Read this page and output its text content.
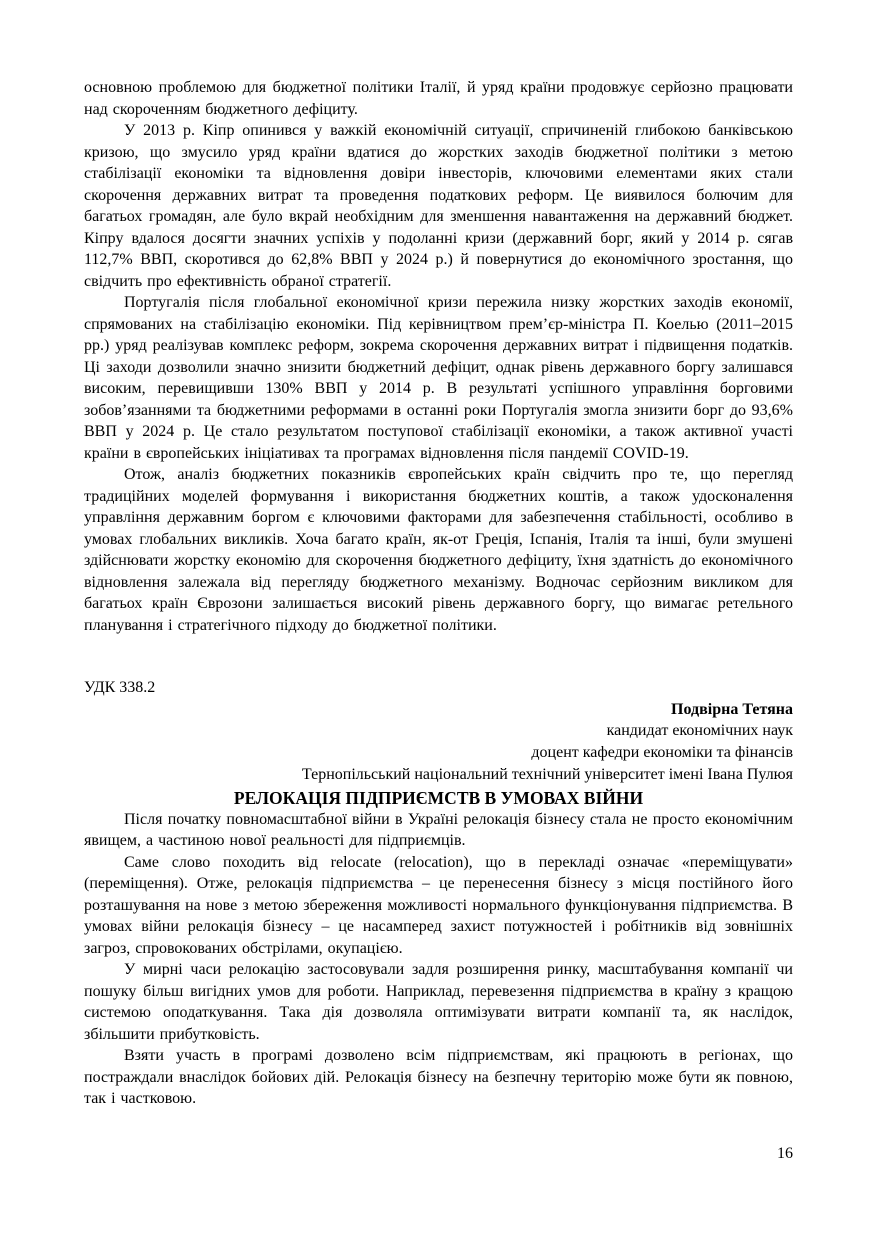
основною проблемою для бюджетної політики Італії, й уряд країни продовжує серйозно працювати над скороченням бюджетного дефіциту.

У 2013 р. Кіпр опинився у важкій економічній ситуації, спричиненій глибокою банківською кризою, що змусило уряд країни вдатися до жорстких заходів бюджетної політики з метою стабілізації економіки та відновлення довіри інвесторів, ключовими елементами яких стали скорочення державних витрат та проведення податкових реформ. Це виявилося болючим для багатьох громадян, але було вкрай необхідним для зменшення навантаження на державний бюджет. Кіпру вдалося досягти значних успіхів у подоланні кризи (державний борг, який у 2014 р. сягав 112,7% ВВП, скоротився до 62,8% ВВП у 2024 р.) й повернутися до економічного зростання, що свідчить про ефективність обраної стратегії.

Португалія після глобальної економічної кризи пережила низку жорстких заходів економії, спрямованих на стабілізацію економіки. Під керівництвом прем’єр-міністра П. Коелью (2011–2015 рр.) уряд реалізував комплекс реформ, зокрема скорочення державних витрат і підвищення податків. Ці заходи дозволили значно знизити бюджетний дефіцит, однак рівень державного боргу залишався високим, перевищивши 130% ВВП у 2014 р. В результаті успішного управління борговими зобов’язаннями та бюджетними реформами в останні роки Португалія змогла знизити борг до 93,6% ВВП у 2024 р. Це стало результатом поступової стабілізації економіки, а також активної участі країни в європейських ініціативах та програмах відновлення після пандемії COVID-19.

Отож, аналіз бюджетних показників європейських країн свідчить про те, що перегляд традиційних моделей формування і використання бюджетних коштів, а також удосконалення управління державним боргом є ключовими факторами для забезпечення стабільності, особливо в умовах глобальних викликів. Хоча багато країн, як-от Греція, Іспанія, Італія та інші, були змушені здійснювати жорстку економію для скорочення бюджетного дефіциту, їхня здатність до економічного відновлення залежала від перегляду бюджетного механізму. Водночас серйозним викликом для багатьох країн Єврозони залишається високий рівень державного боргу, що вимагає ретельного планування і стратегічного підходу до бюджетної політики.

УДК 338.2
Подвірна Тетяна
кандидат економічних наук
доцент кафедри економіки та фінансів
Тернопільський національний технічний університет імені Івана Пулюя
РЕЛОКАЦІЯ ПІДПРИЄМСТВ В УМОВАХ ВІЙНИ

Після початку повномасштабної війни в Україні релокація бізнесу стала не просто економічним явищем, а частиною нової реальності для підприємців.

Саме слово походить від relocate (relocation), що в перекладі означає «переміщувати» (переміщення). Отже, релокація підприємства – це перенесення бізнесу з місця постійного його розташування на нове з метою збереження можливості нормального функціонування підприємства. В умовах війни релокація бізнесу – це насамперед захист потужностей і робітників від зовнішніх загроз, спровокованих обстрілами, окупацією.

У мирні часи релокацію застосовували задля розширення ринку, масштабування компанії чи пошуку більш вигідних умов для роботи. Наприклад, перевезення підприємства в країну з кращою системою оподаткування. Така дія дозволяла оптимізувати витрати компанії та, як наслідок, збільшити прибутковість.

Взяти участь в програмі дозволено всім підприємствам, які працюють в регіонах, що постраждали внаслідок бойових дій. Релокація бізнесу на безпечну територію може бути як повною, так і частковою.

16
